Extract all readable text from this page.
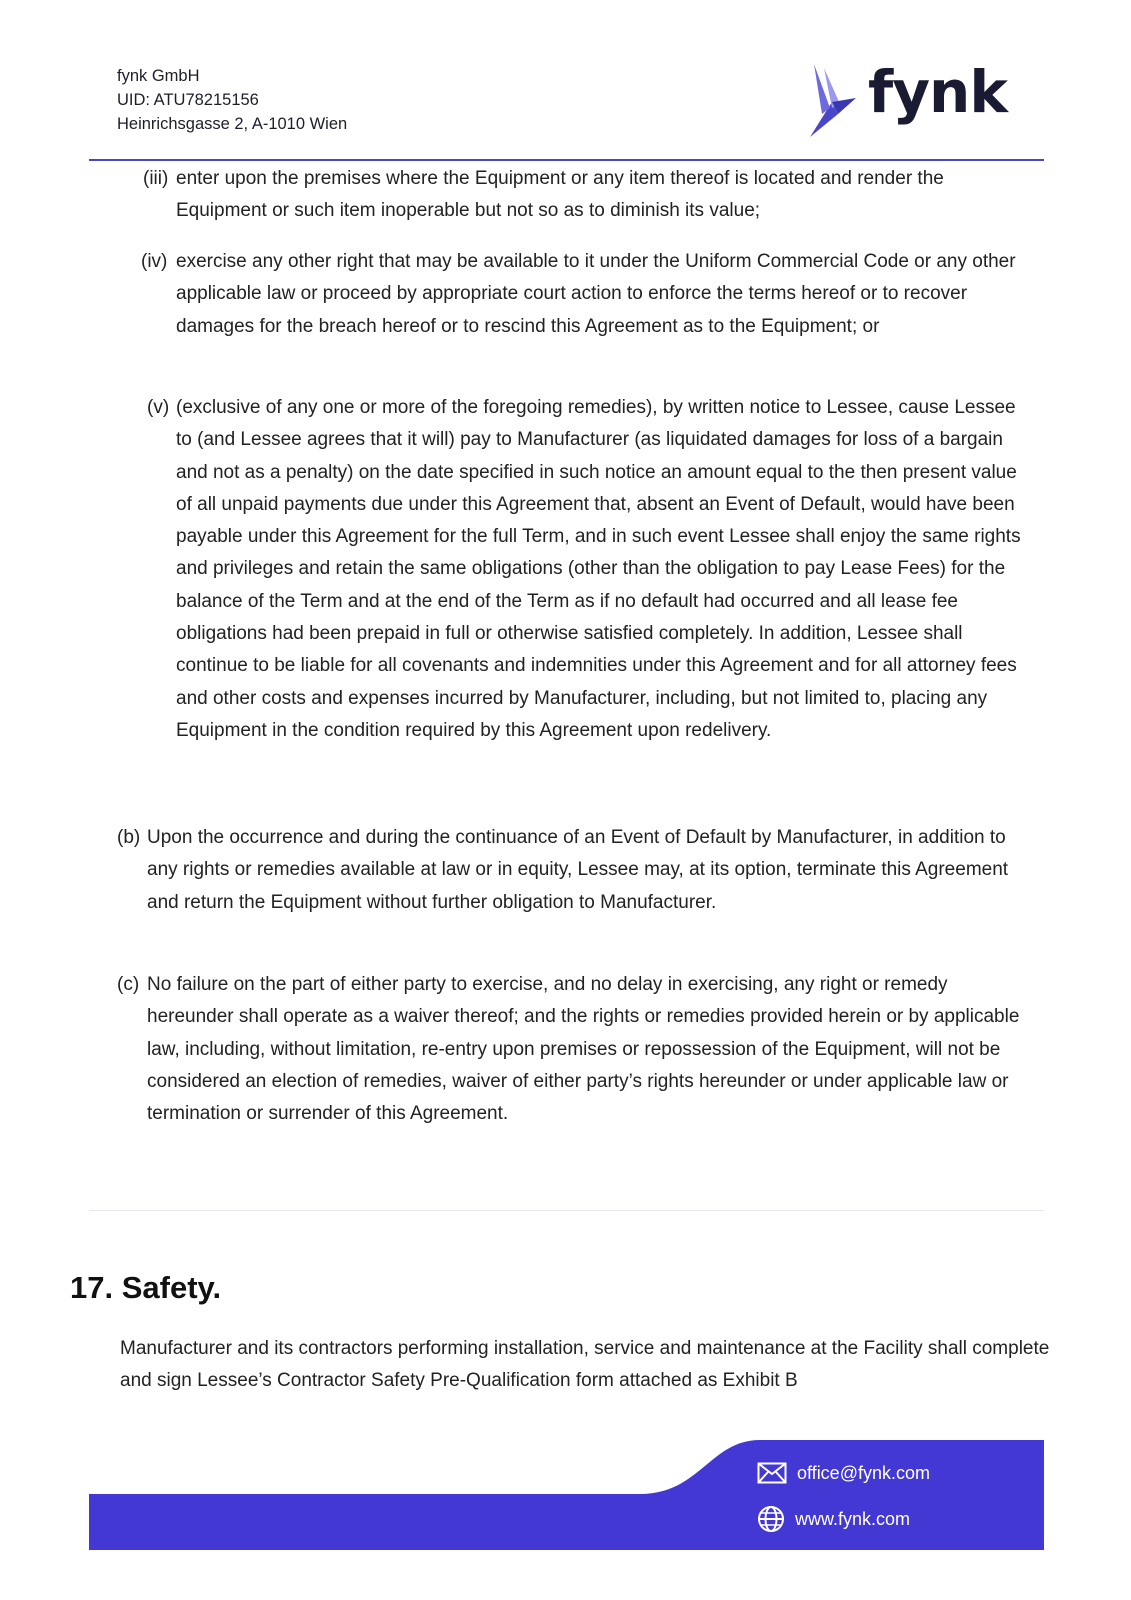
fynk GmbH
UID: ATU78215156
Heinrichsgasse 2, A-1010 Wien	fynk
(iii) enter upon the premises where the Equipment or any item thereof is located and render the Equipment or such item inoperable but not so as to diminish its value;
(iv) exercise any other right that may be available to it under the Uniform Commercial Code or any other applicable law or proceed by appropriate court action to enforce the terms hereof or to recover damages for the breach hereof or to rescind this Agreement as to the Equipment; or
(v) (exclusive of any one or more of the foregoing remedies), by written notice to Lessee, cause Lessee to (and Lessee agrees that it will) pay to Manufacturer (as liquidated damages for loss of a bargain and not as a penalty) on the date specified in such notice an amount equal to the then present value of all unpaid payments due under this Agreement that, absent an Event of Default, would have been payable under this Agreement for the full Term, and in such event Lessee shall enjoy the same rights and privileges and retain the same obligations (other than the obligation to pay Lease Fees) for the balance of the Term and at the end of the Term as if no default had occurred and all lease fee obligations had been prepaid in full or otherwise satisfied completely. In addition, Lessee shall continue to be liable for all covenants and indemnities under this Agreement and for all attorney fees and other costs and expenses incurred by Manufacturer, including, but not limited to, placing any Equipment in the condition required by this Agreement upon redelivery.
(b) Upon the occurrence and during the continuance of an Event of Default by Manufacturer, in addition to any rights or remedies available at law or in equity, Lessee may, at its option, terminate this Agreement and return the Equipment without further obligation to Manufacturer.
(c) No failure on the part of either party to exercise, and no delay in exercising, any right or remedy hereunder shall operate as a waiver thereof; and the rights or remedies provided herein or by applicable law, including, without limitation, re-entry upon premises or repossession of the Equipment, will not be considered an election of remedies, waiver of either party’s rights hereunder or under applicable law or termination or surrender of this Agreement.
17. Safety.
Manufacturer and its contractors performing installation, service and maintenance at the Facility shall complete and sign Lessee’s Contractor Safety Pre-Qualification form attached as Exhibit B
office@fynk.com
www.fynk.com
